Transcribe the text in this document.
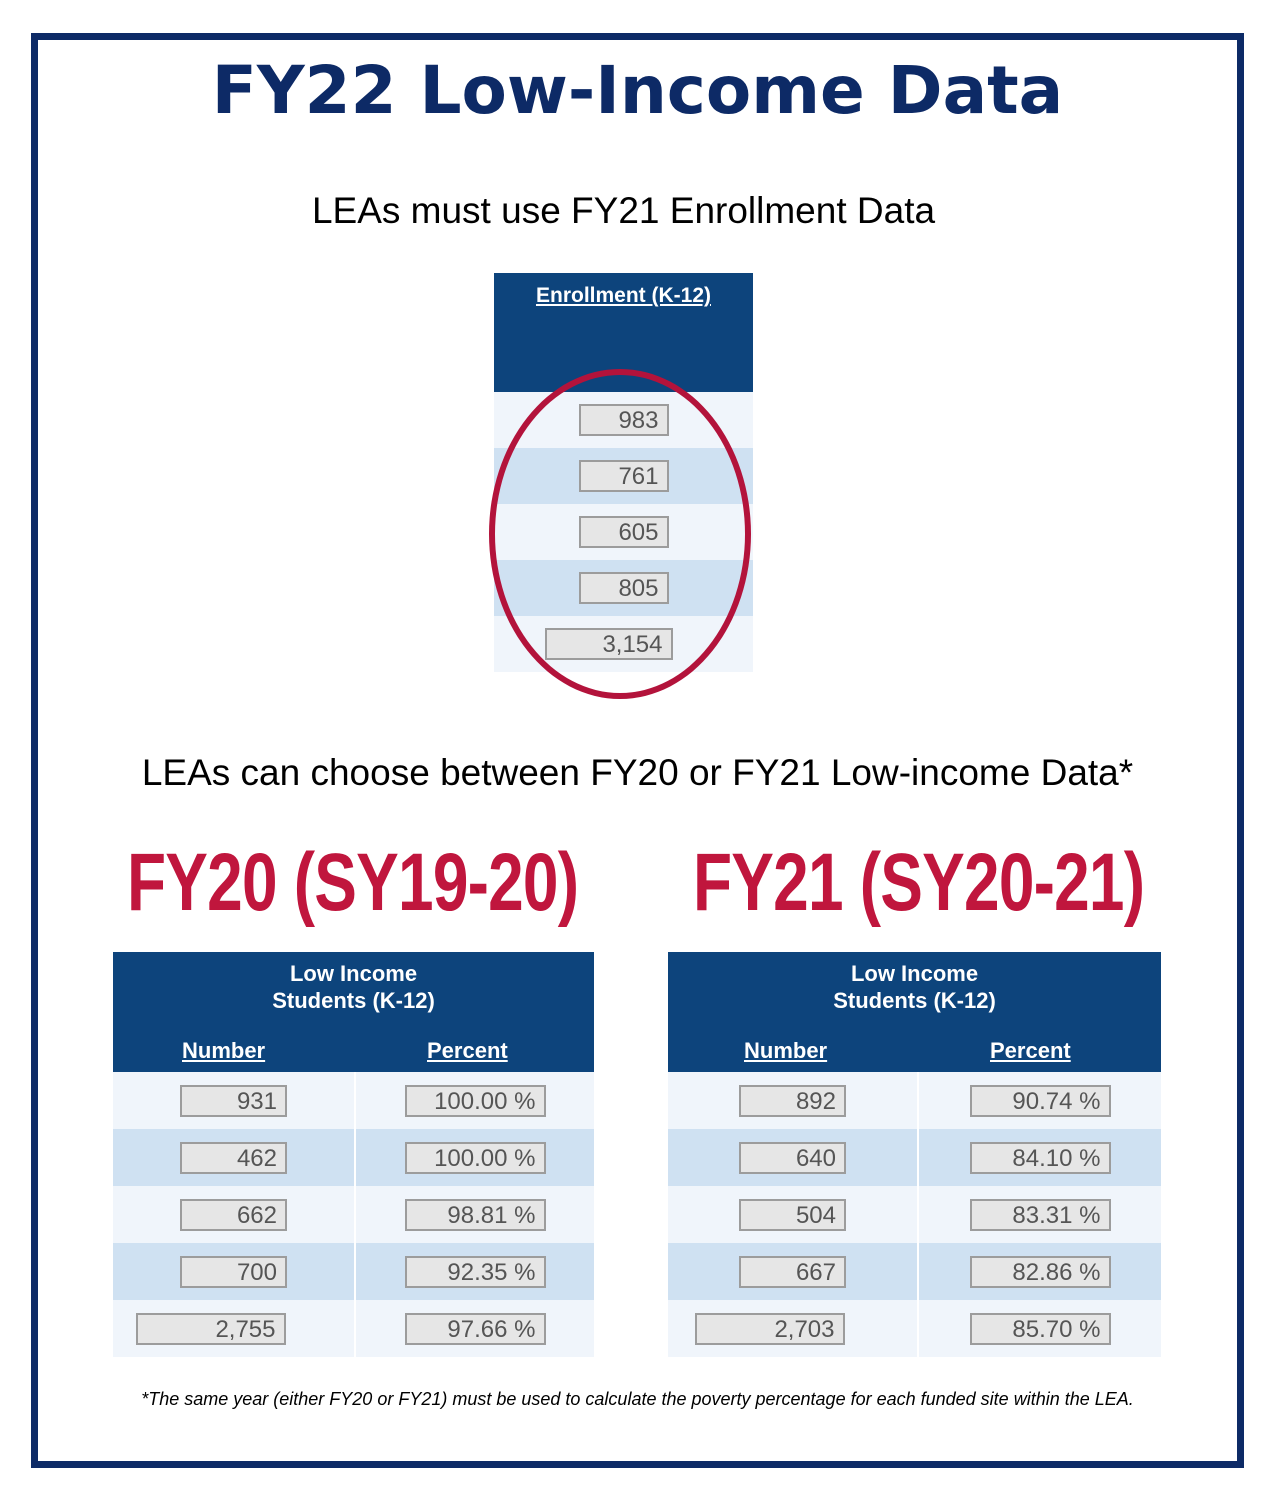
FY22 Low-Income Data
LEAs must use FY21 Enrollment Data
Enrollment (K-12)
983
761
605
805
3,154
LEAs can choose between FY20 or FY21 Low-income Data*
FY20 (SY19-20) FY21 (SY20-21)
Low Income
Students (K-12)
Number	Percent
931	100.00 %
462	100.00 %
662	98.81 %
700	92.35 %
2,755	97.66 %
Low Income
Students (K-12)
Number	Percent
892	90.74 %
640	84.10 %
504	83.31 %
667	82.86 %
2,703	85.70 %
*The same year (either FY20 or FY21) must be used to calculate the poverty percentage for each funded site within the LEA.
